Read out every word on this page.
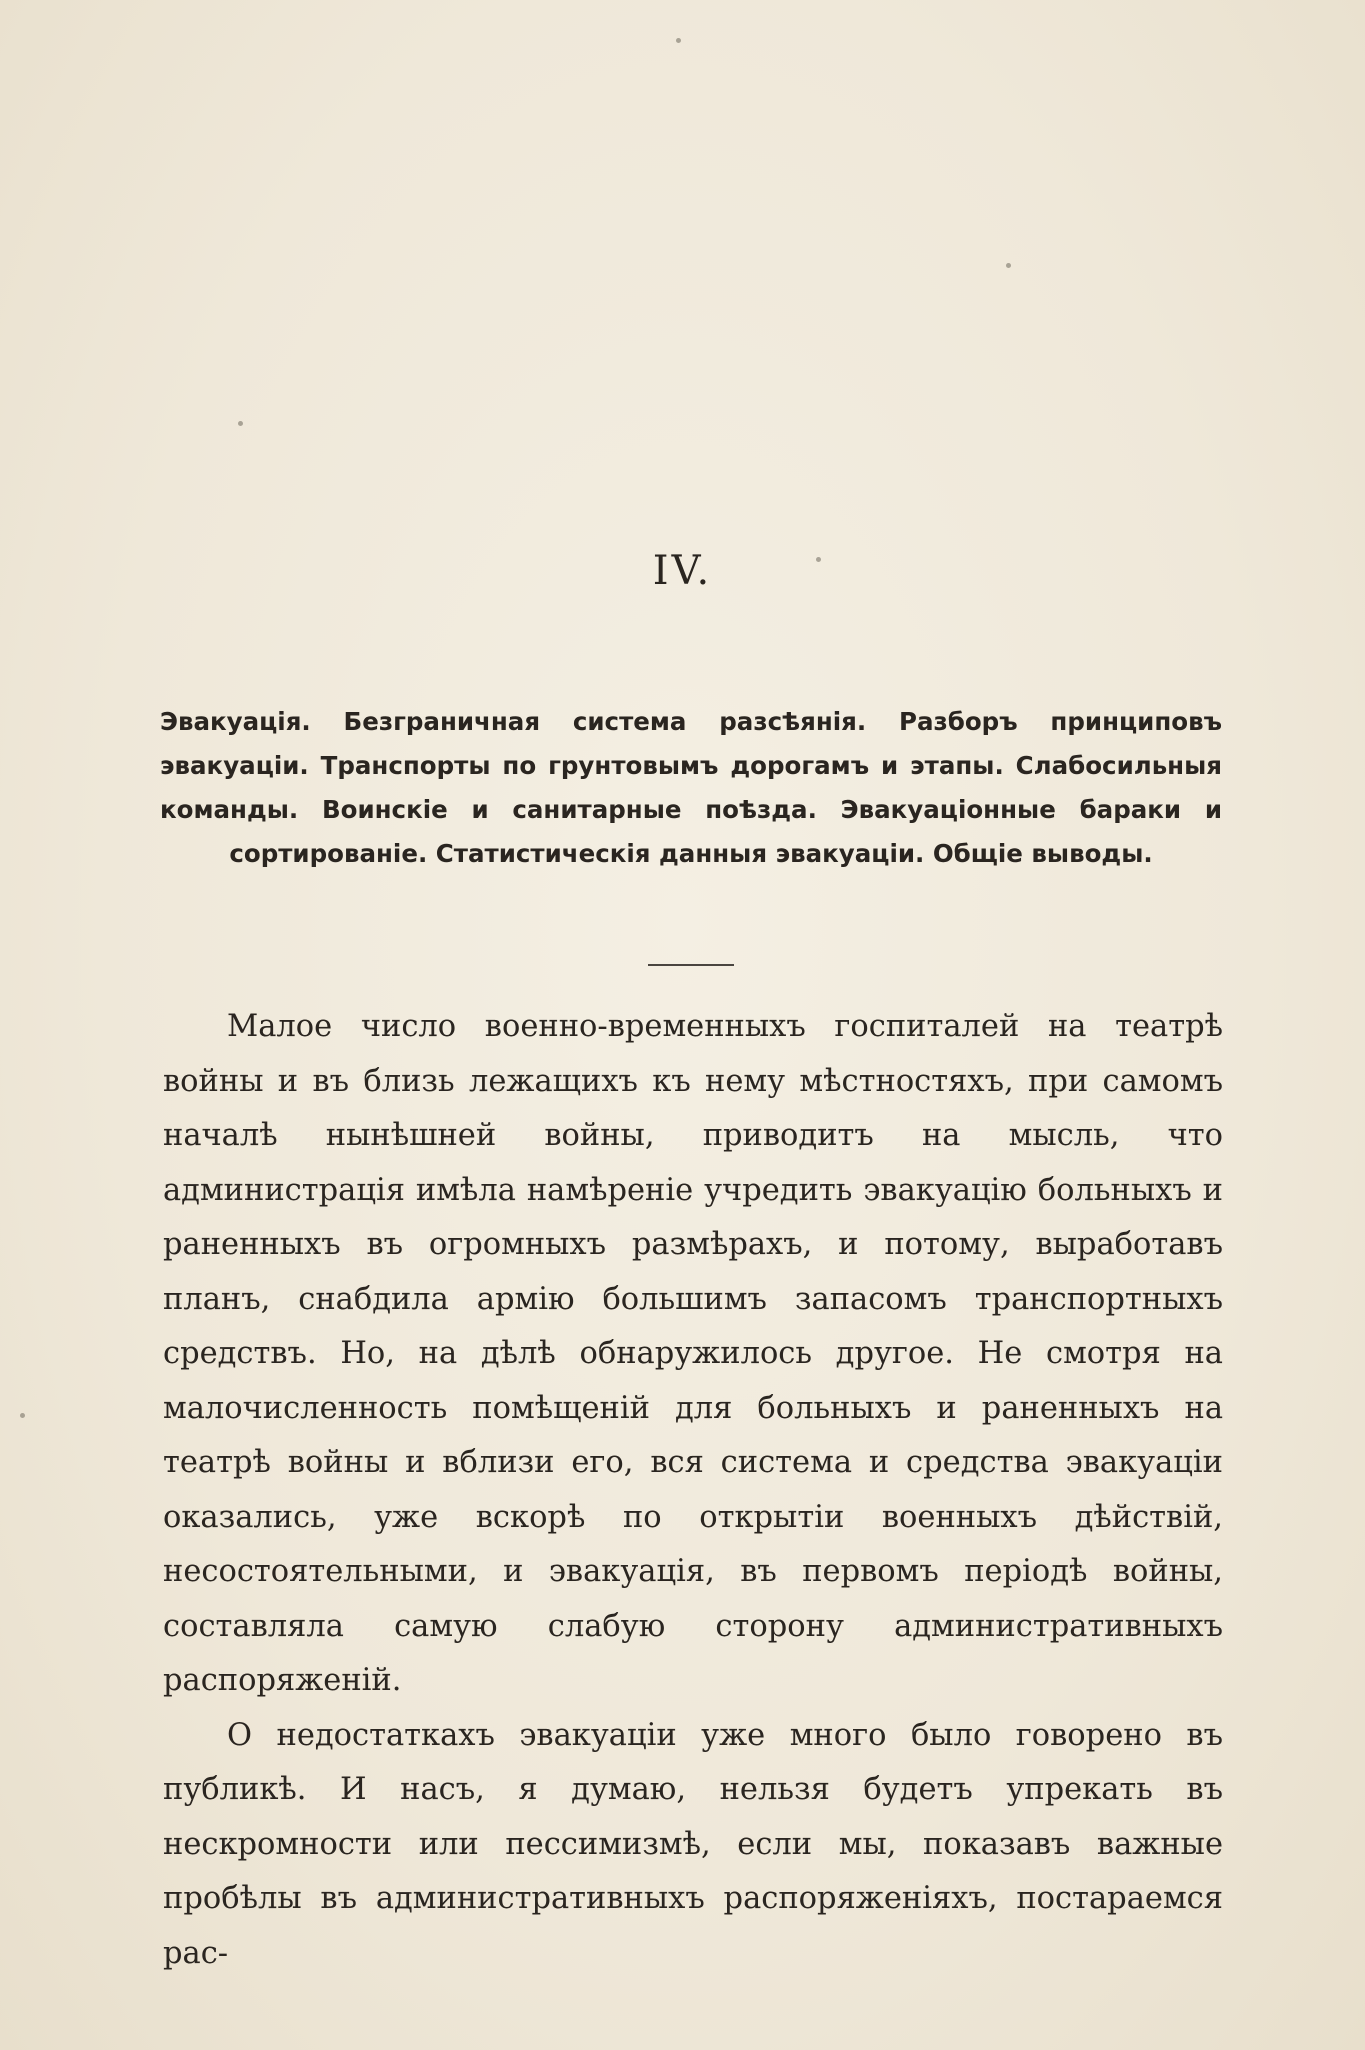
IV.
Эвакуація. Безграничная система разсѣянія. Разборъ принциповъ эвакуаціи. Транспорты по грунтовымъ дорогамъ и этапы. Слабосильныя команды. Воинскіе и санитарные поѣзда. Эвакуаціонные бараки и сортированіе. Статистическія данныя эвакуаціи. Общіе выводы.

Малое число военно-временныхъ госпиталей на театрѣ войны и въ близь лежащихъ къ нему мѣстностяхъ, при самомъ началѣ нынѣшней войны, приводитъ на мысль, что администрація имѣла намѣреніе учредить эвакуацію больныхъ и раненныхъ въ огромныхъ размѣрахъ, и потому, выработавъ планъ, снабдила армію большимъ запасомъ транспортныхъ средствъ. Но, на дѣлѣ обнаружилось другое. Не смотря на малочисленность помѣщеній для больныхъ и раненныхъ на театрѣ войны и вблизи его, вся система и средства эвакуаціи оказались, уже вскорѣ по открытіи военныхъ дѣйствій, несостоятельными, и эвакуація, въ первомъ періодѣ войны, составляла самую слабую сторону административныхъ распоряженій.

О недостаткахъ эвакуаціи уже много было говорено въ публикѣ. И насъ, я думаю, нельзя будетъ упрекать въ нескромности или пессимизмѣ, если мы, показавъ важные пробѣлы въ административныхъ распоряженіяхъ, постараемся рас-
